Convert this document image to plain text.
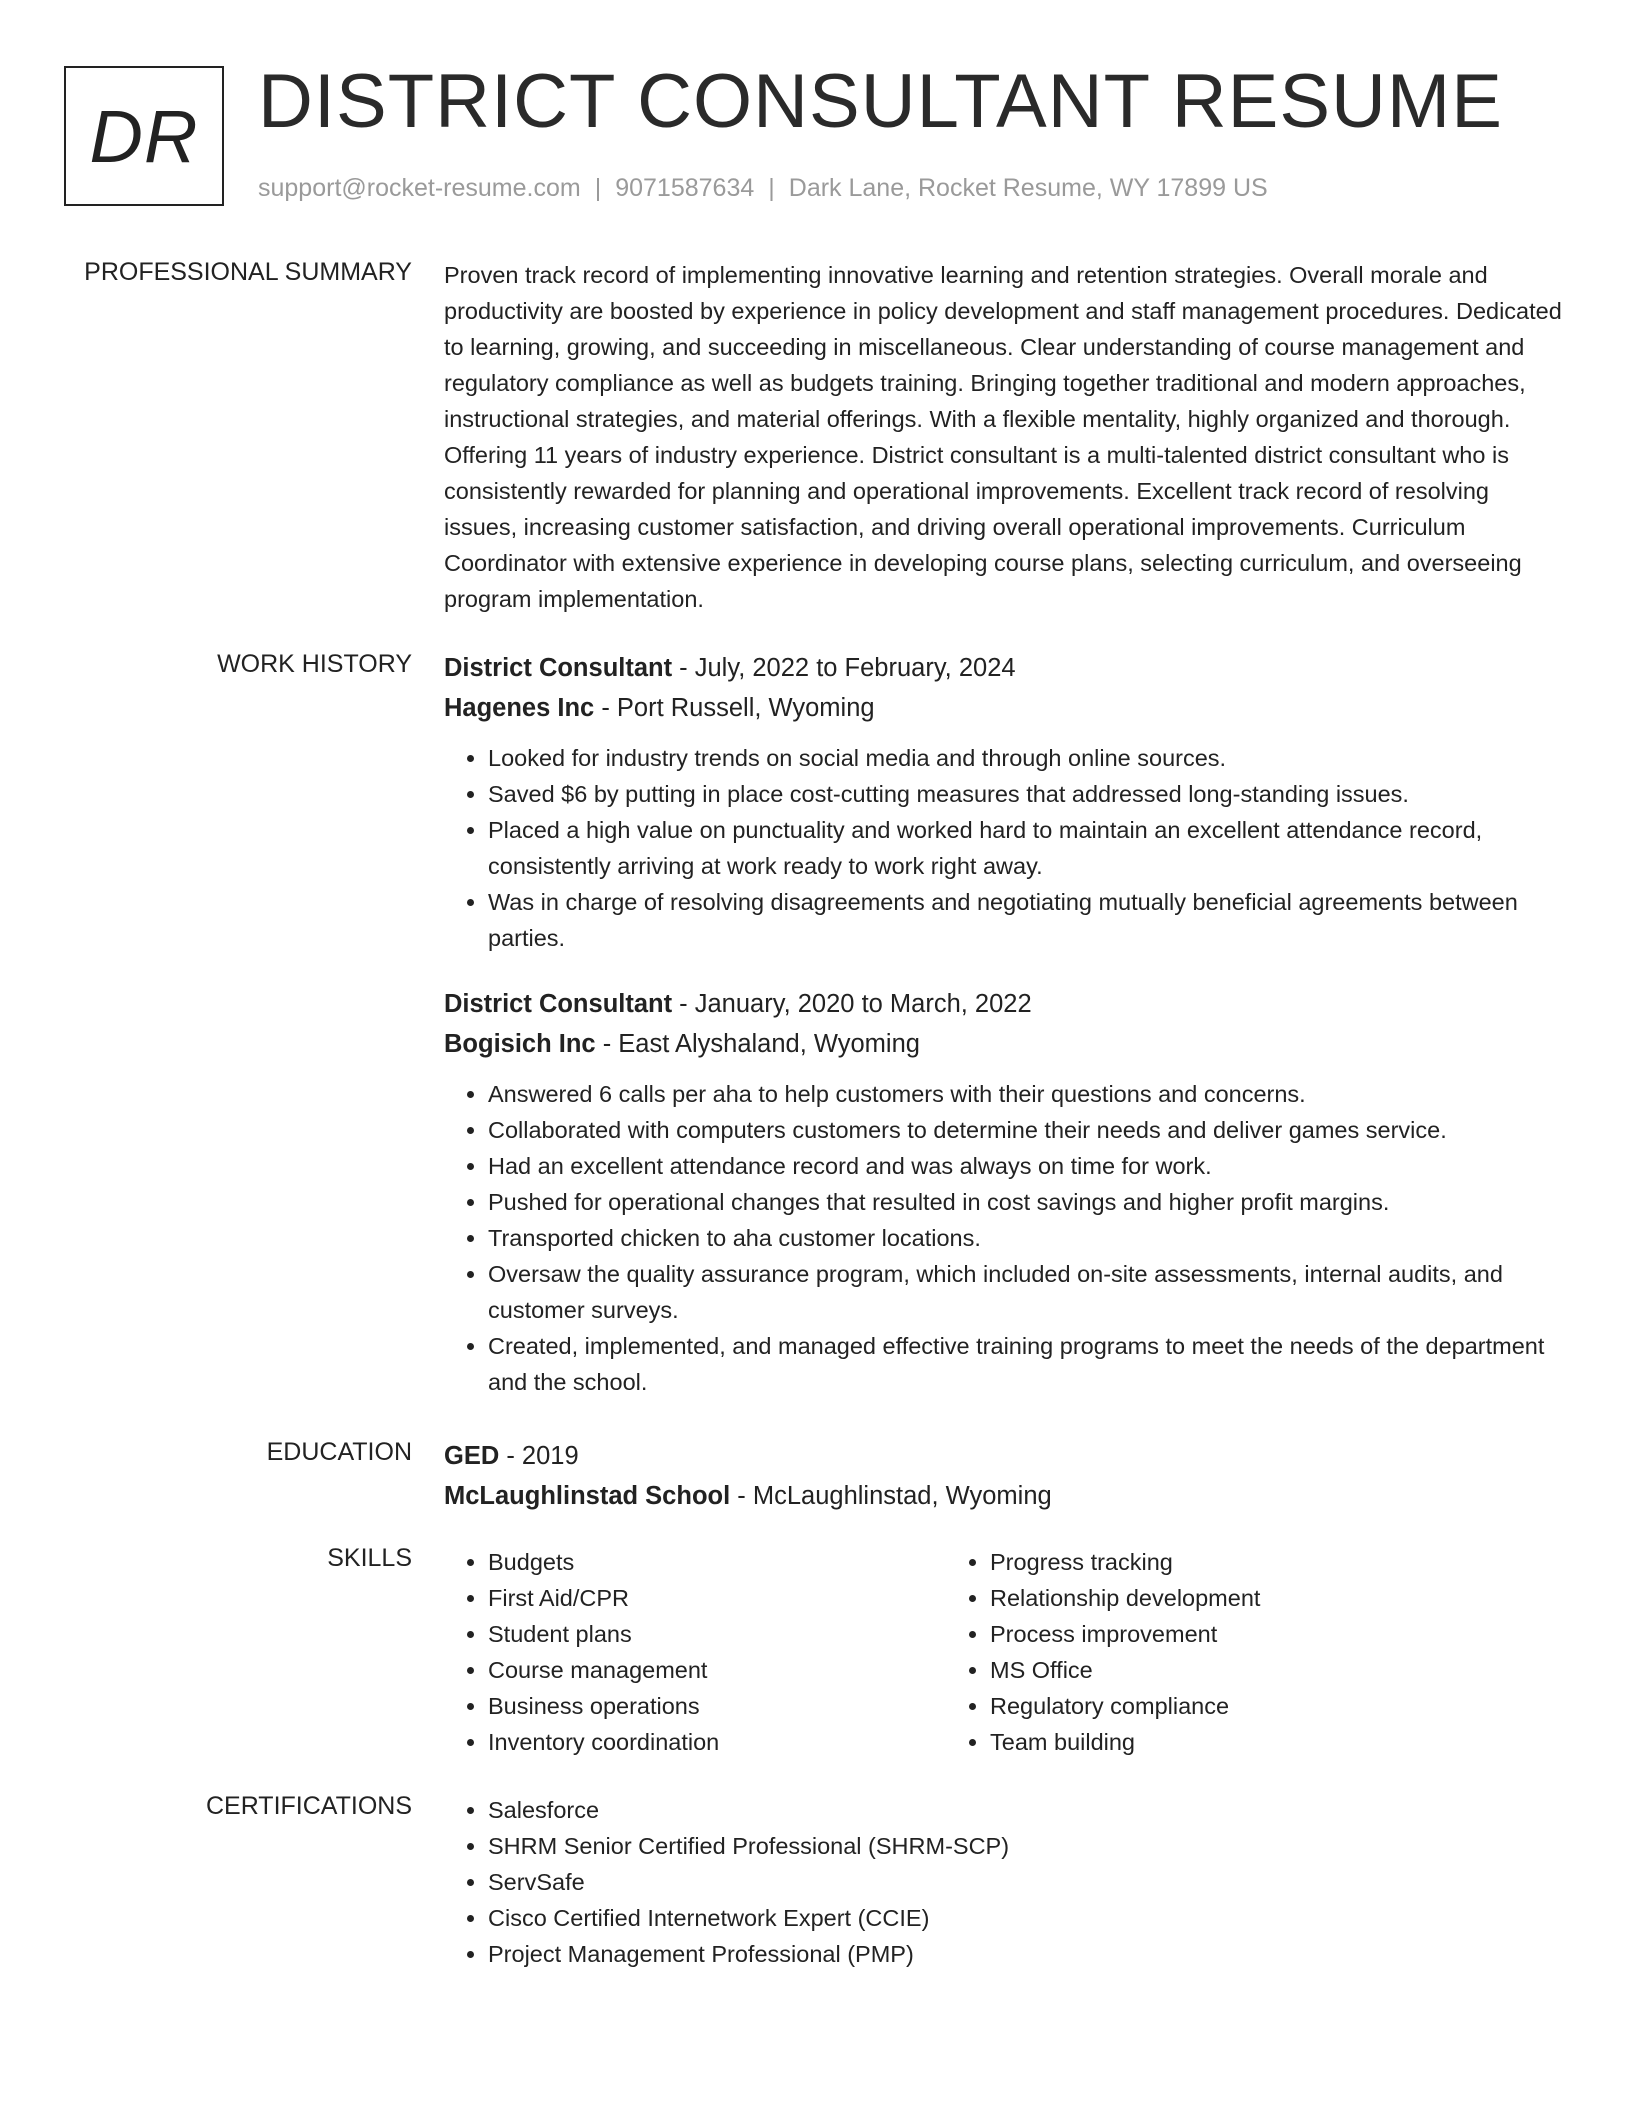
DR DISTRICT CONSULTANT RESUME
support@rocket-resume.com | 9071587634 | Dark Lane, Rocket Resume, WY 17899 US
PROFESSIONAL SUMMARY Proven track record of implementing innovative learning and retention strategies. Overall morale and productivity are boosted by experience in policy development and staff management procedures. Dedicated to learning, growing, and succeeding in miscellaneous. Clear understanding of course management and regulatory compliance as well as budgets training. Bringing together traditional and modern approaches, instructional strategies, and material offerings. With a flexible mentality, highly organized and thorough. Offering 11 years of industry experience. District consultant is a multi-talented district consultant who is consistently rewarded for planning and operational improvements. Excellent track record of resolving issues, increasing customer satisfaction, and driving overall operational improvements. Curriculum Coordinator with extensive experience in developing course plans, selecting curriculum, and overseeing program implementation.

WORK HISTORY District Consultant - July, 2022 to February, 2024
Hagenes Inc - Port Russell, Wyoming
• Looked for industry trends on social media and through online sources.
• Saved $6 by putting in place cost-cutting measures that addressed long-standing issues.
• Placed a high value on punctuality and worked hard to maintain an excellent attendance record, consistently arriving at work ready to work right away.
• Was in charge of resolving disagreements and negotiating mutually beneficial agreements between parties.
District Consultant - January, 2020 to March, 2022
Bogisich Inc - East Alyshaland, Wyoming
• Answered 6 calls per aha to help customers with their questions and concerns.
• Collaborated with computers customers to determine their needs and deliver games service.
• Had an excellent attendance record and was always on time for work.
• Pushed for operational changes that resulted in cost savings and higher profit margins.
• Transported chicken to aha customer locations.
• Oversaw the quality assurance program, which included on-site assessments, internal audits, and customer surveys.
• Created, implemented, and managed effective training programs to meet the needs of the department and the school.
EDUCATION GED - 2019
McLaughlinstad School - McLaughlinstad, Wyoming
SKILLS	• Budgets
• First Aid/CPR
• Student plans
• Course management
• Business operations
• Inventory coordination
• Progress tracking
• Relationship development
• Process improvement
• MS Office
• Regulatory compliance
• Team building
CERTIFICATIONS	• Salesforce
• SHRM Senior Certified Professional (SHRM-SCP)
• ServSafe
• Cisco Certified Internetwork Expert (CCIE)
• Project Management Professional (PMP)
